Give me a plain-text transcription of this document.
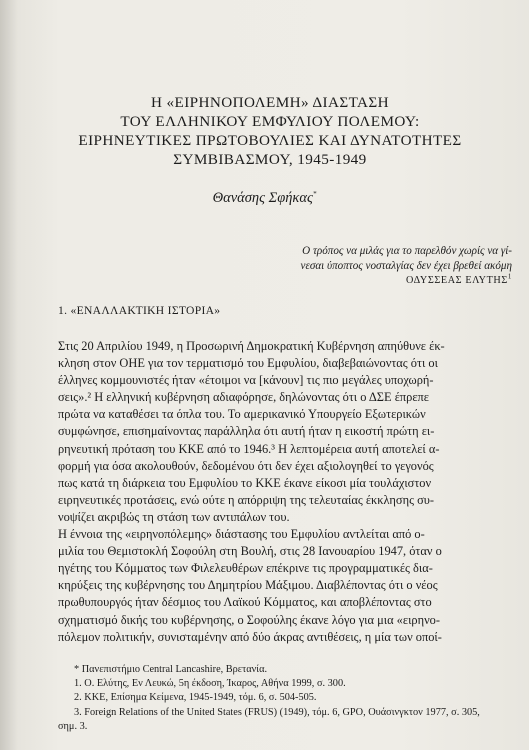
Η «ΕΙΡΗΝΟΠΟΛΕΜΗ» ΔΙΑΣΤΑΣΗ
ΤΟΥ ΕΛΛΗΝΙΚΟΥ ΕΜΦΥΛΙΟΥ ΠΟΛΕΜΟΥ:
ΕΙΡΗΝΕΥΤΙΚΕΣ ΠΡΩΤΟΒΟΥΛΙΕΣ ΚΑΙ ΔΥΝΑΤΟΤΗΤΕΣ
ΣΥΜΒΙΒΑΣΜΟΥ, 1945-1949
Θανάσης Σφήκας*
Ο τρόπος να μιλάς για το παρελθόν χωρίς να γί-
νεσαι ύποπτος νοσταλγίας δεν έχει βρεθεί ακόμη
ΟΔΥΣΣΕΑΣ ΕΛΥΤΗΣ$^1$
1. «ΕΝΑΛΛΑΚΤΙΚΗ ΙΣΤΟΡΙΑ»

Στις 20 Απριλίου 1949, η Προσωρινή Δημοκρατική Κυβέρνηση απηύθυνε έκ-
κληση στον ΟΗΕ για τον τερματισμό του Εμφυλίου, διαβεβαιώνοντας ότι οι
έλληνες κομμουνιστές ήταν «έτοιμοι να [κάνουν] τις πιο μεγάλες υποχωρή-
σεις».² Η ελληνική κυβέρνηση αδιαφόρησε, δηλώνοντας ότι ο ΔΣΕ έπρεπε
πρώτα να καταθέσει τα όπλα του. Το αμερικανικό Υπουργείο Εξωτερικών
συμφώνησε, επισημαίνοντας παράλληλα ότι αυτή ήταν η εικοστή πρώτη ει-
ρηνευτική πρόταση του ΚΚΕ από το 1946.³ Η λεπτομέρεια αυτή αποτελεί α-
φορμή για όσα ακολουθούν, δεδομένου ότι δεν έχει αξιολογηθεί το γεγονός
πως κατά τη διάρκεια του Εμφυλίου το ΚΚΕ έκανε είκοσι μία τουλάχιστον
ειρηνευτικές προτάσεις, ενώ ούτε η απόρριψη της τελευταίας έκκλησης συ-
νοψίζει ακριβώς τη στάση των αντιπάλων του.

Η έννοια της «ειρηνοπόλεμης» διάστασης του Εμφυλίου αντλείται από ο-
μιλία του Θεμιστοκλή Σοφούλη στη Βουλή, στις 28 Ιανουαρίου 1947, όταν ο
ηγέτης του Κόμματος των Φιλελευθέρων επέκρινε τις προγραμματικές δια-
κηρύξεις της κυβέρνησης του Δημητρίου Μάξιμου. Διαβλέποντας ότι ο νέος
πρωθυπουργός ήταν δέσμιος του Λαϊκού Κόμματος, και αποβλέποντας στο
σχηματισμό δικής του κυβέρνησης, ο Σοφούλης έκανε λόγο για μια «ειρηνο-
πόλεμον πολιτικήν, συνισταμένην από δύο άκρας αντιθέσεις, η μία των οποί-

* Πανεπιστήμιο Central Lancashire, Βρετανία.
1. Ο. Ελύτης, Εν Λευκώ, 5η έκδοση, Ίκαρος, Αθήνα 1999, σ. 300.
2. ΚΚΕ, Επίσημα Κείμενα, 1945-1949, τόμ. 6, σ. 504-505.
3. Foreign Relations of the United States (FRUS) (1949), τόμ. 6, GPO, Ουάσινγκτον 1977, σ. 305,
σημ. 3.
